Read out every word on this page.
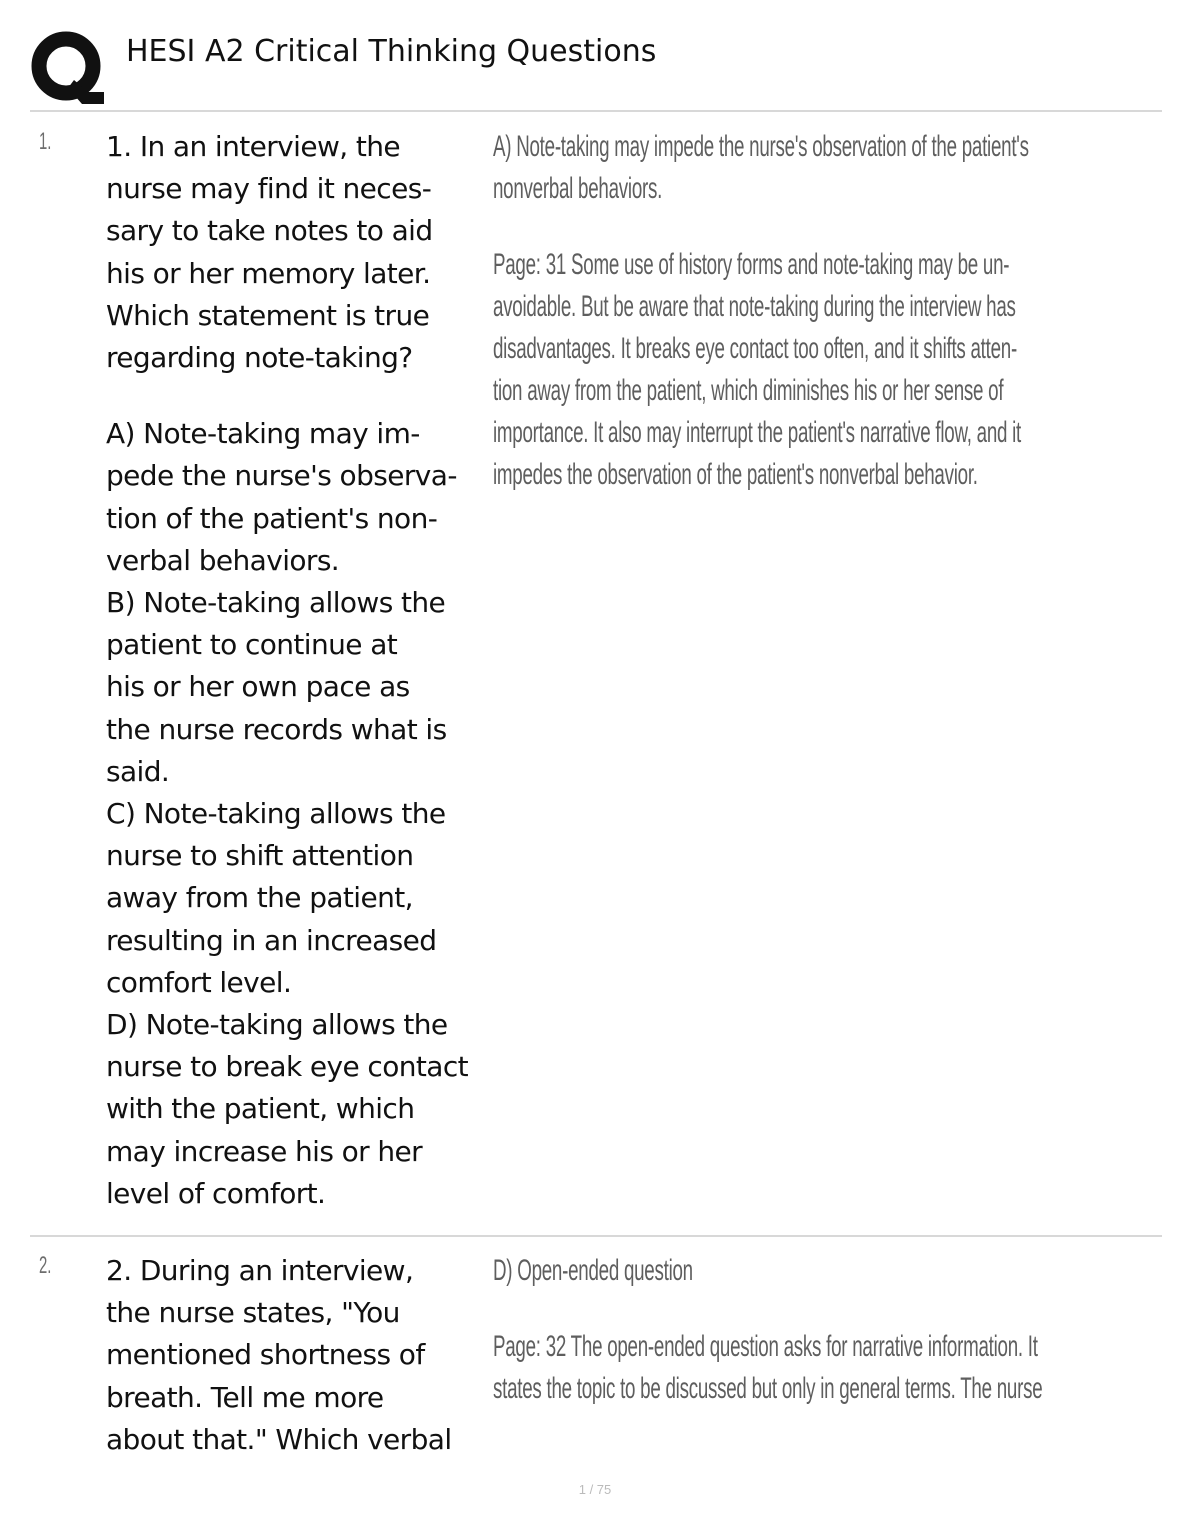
HESI A2 Critical Thinking Questions
1. 1. In an interview, the
nurse may find it neces-
sary to take notes to aid
his or her memory later.
Which statement is true
regarding note-taking?

A) Note-taking may im-
pede the nurse's observa-
tion of the patient's non-
verbal behaviors.
B) Note-taking allows the
patient to continue at
his or her own pace as
the nurse records what is
said.
C) Note-taking allows the
nurse to shift attention
away from the patient,
resulting in an increased
comfort level.
D) Note-taking allows the
nurse to break eye contact
with the patient, which
may increase his or her
level of comfort.

A) Note-taking may impede the nurse's observation of the patient's
nonverbal behaviors.

Page: 31 Some use of history forms and note-taking may be un-
avoidable. But be aware that note-taking during the interview has
disadvantages. It breaks eye contact too often, and it shifts atten-
tion away from the patient, which diminishes his or her sense of
importance. It also may interrupt the patient's narrative flow, and it
impedes the observation of the patient's nonverbal behavior.

2. 2. During an interview,
the nurse states, "You
mentioned shortness of
breath. Tell me more
about that." Which verbal

D) Open-ended question

Page: 32 The open-ended question asks for narrative information. It
states the topic to be discussed but only in general terms. The nurse

1 / 75
